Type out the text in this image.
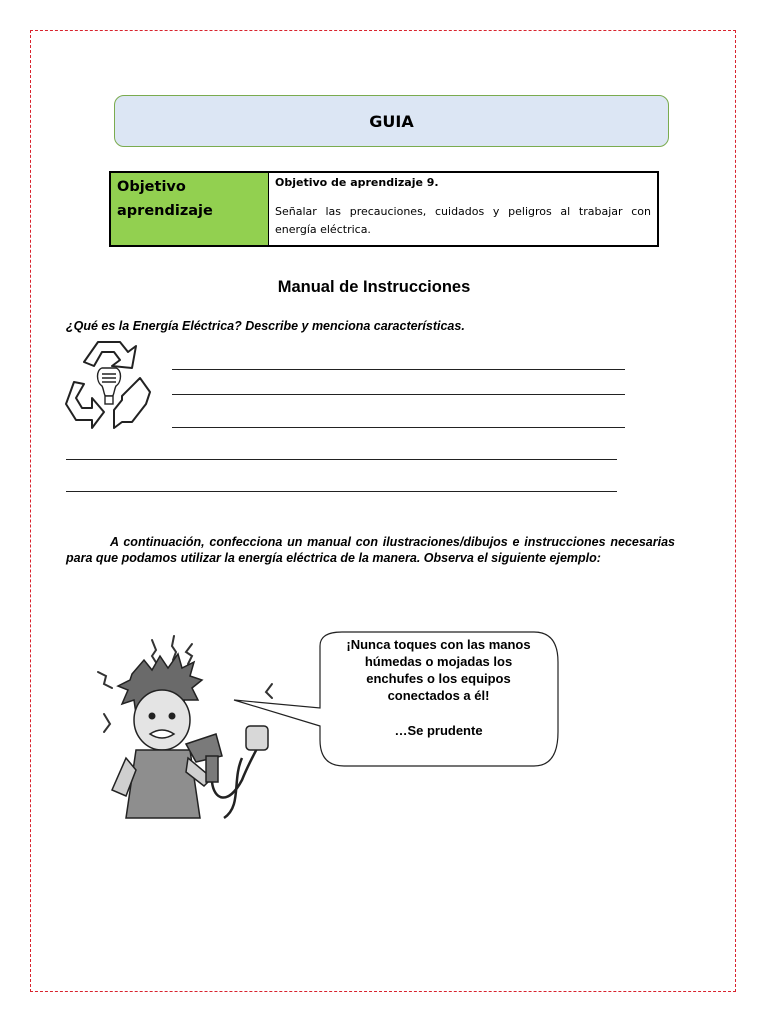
GUIA
Objetivo
aprendizaje
Objetivo de aprendizaje 9.
Señalar las precauciones, cuidados y peligros al trabajar con energía eléctrica.
Manual de Instrucciones
¿Qué es la Energía Eléctrica? Describe y menciona características.
A continuación, confecciona un manual con ilustraciones/dibujos e instrucciones necesarias para que podamos utilizar la energía eléctrica de la manera. Observa el siguiente ejemplo:
¡Nunca toques con las manos
húmedas o mojadas los
enchufes o los equipos
conectados a él!
…Se prudente
